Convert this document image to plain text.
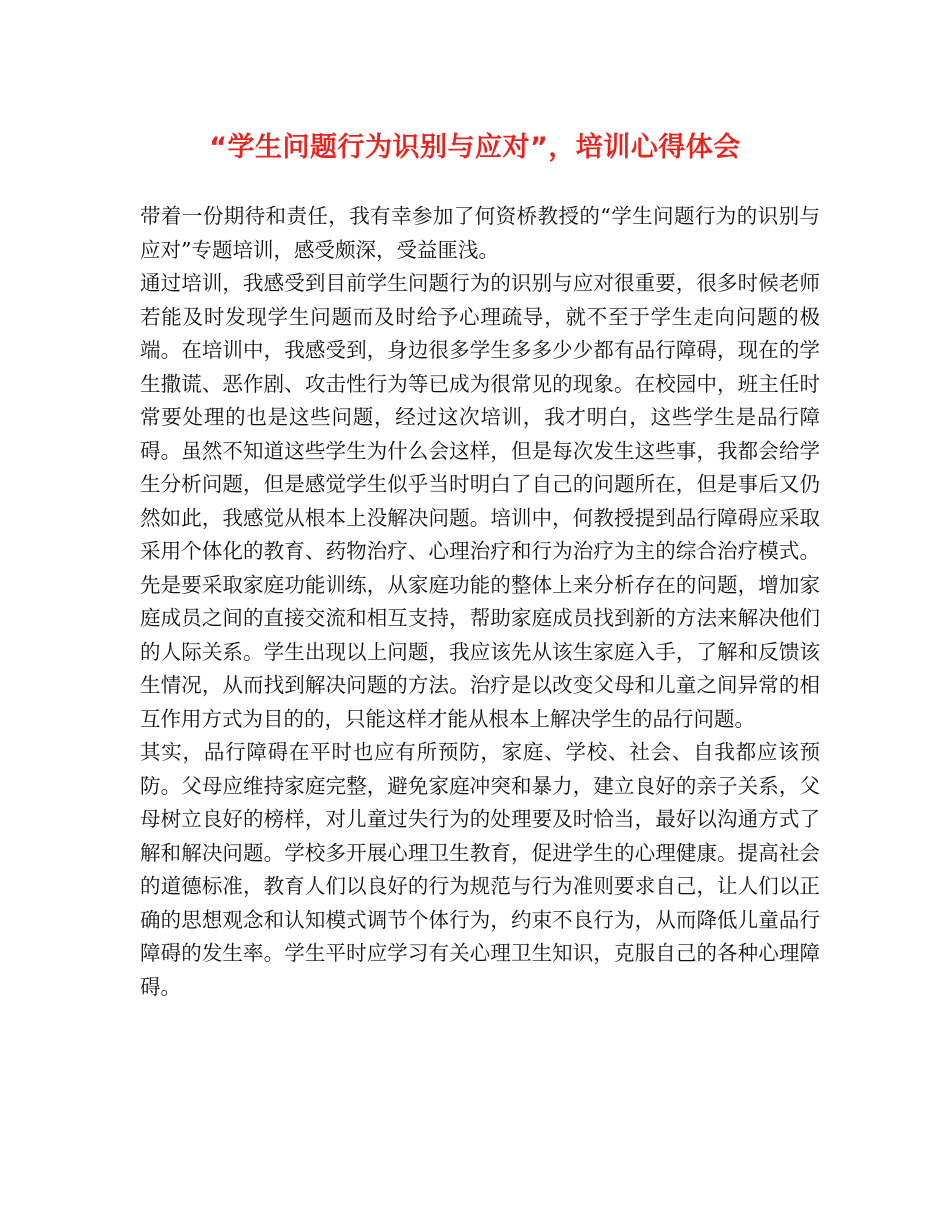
“学生问题行为识别与应对”，培训心得体会

带着一份期待和责任，我有幸参加了何资桥教授的“学生问题行为的识别与应对”专题培训，感受颇深，受益匪浅。

通过培训，我感受到目前学生问题行为的识别与应对很重要，很多时候老师若能及时发现学生问题而及时给予心理疏导，就不至于学生走向问题的极端。在培训中，我感受到，身边很多学生多多少少都有品行障碍，现在的学生撒谎、恶作剧、攻击性行为等已成为很常见的现象。在校园中，班主任时常要处理的也是这些问题，经过这次培训，我才明白，这些学生是品行障碍。虽然不知道这些学生为什么会这样，但是每次发生这些事，我都会给学生分析问题，但是感觉学生似乎当时明白了自己的问题所在，但是事后又仍然如此，我感觉从根本上没解决问题。培训中，何教授提到品行障碍应采取采用个体化的教育、药物治疗、心理治疗和行为治疗为主的综合治疗模式。先是要采取家庭功能训练，从家庭功能的整体上来分析存在的问题，增加家庭成员之间的直接交流和相互支持，帮助家庭成员找到新的方法来解决他们的人际关系。学生出现以上问题，我应该先从该生家庭入手，了解和反馈该生情况，从而找到解决问题的方法。治疗是以改变父母和儿童之间异常的相互作用方式为目的的，只能这样才能从根本上解决学生的品行问题。

其实，品行障碍在平时也应有所预防，家庭、学校、社会、自我都应该预防。父母应维持家庭完整，避免家庭冲突和暴力，建立良好的亲子关系，父母树立良好的榜样，对儿童过失行为的处理要及时恰当，最好以沟通方式了解和解决问题。学校多开展心理卫生教育，促进学生的心理健康。提高社会的道德标准，教育人们以良好的行为规范与行为准则要求自己，让人们以正确的思想观念和认知模式调节个体行为，约束不良行为，从而降低儿童品行障碍的发生率。学生平时应学习有关心理卫生知识，克服自己的各种心理障碍。
